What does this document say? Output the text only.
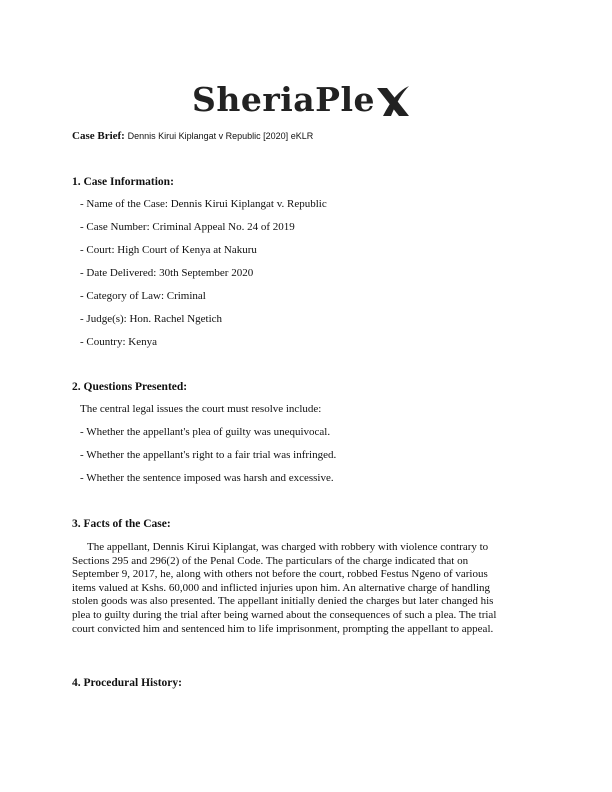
SheriaPle
Case Brief: Dennis Kirui Kiplangat v Republic [2020] eKLR
1. Case Information:
- Name of the Case: Dennis Kirui Kiplangat v. Republic
- Case Number: Criminal Appeal No. 24 of 2019
- Court: High Court of Kenya at Nakuru
- Date Delivered: 30th September 2020
- Category of Law: Criminal
- Judge(s): Hon. Rachel Ngetich
- Country: Kenya
2. Questions Presented:
The central legal issues the court must resolve include:
- Whether the appellant's plea of guilty was unequivocal.
- Whether the appellant's right to a fair trial was infringed.
- Whether the sentence imposed was harsh and excessive.
3. Facts of the Case:
The appellant, Dennis Kirui Kiplangat, was charged with robbery with violence contrary to
Sections 295 and 296(2) of the Penal Code. The particulars of the charge indicated that on
September 9, 2017, he, along with others not before the court, robbed Festus Ngeno of various
items valued at Kshs. 60,000 and inflicted injuries upon him. An alternative charge of handling
stolen goods was also presented. The appellant initially denied the charges but later changed his
plea to guilty during the trial after being warned about the consequences of such a plea. The trial
court convicted him and sentenced him to life imprisonment, prompting the appellant to appeal.
4. Procedural History:
